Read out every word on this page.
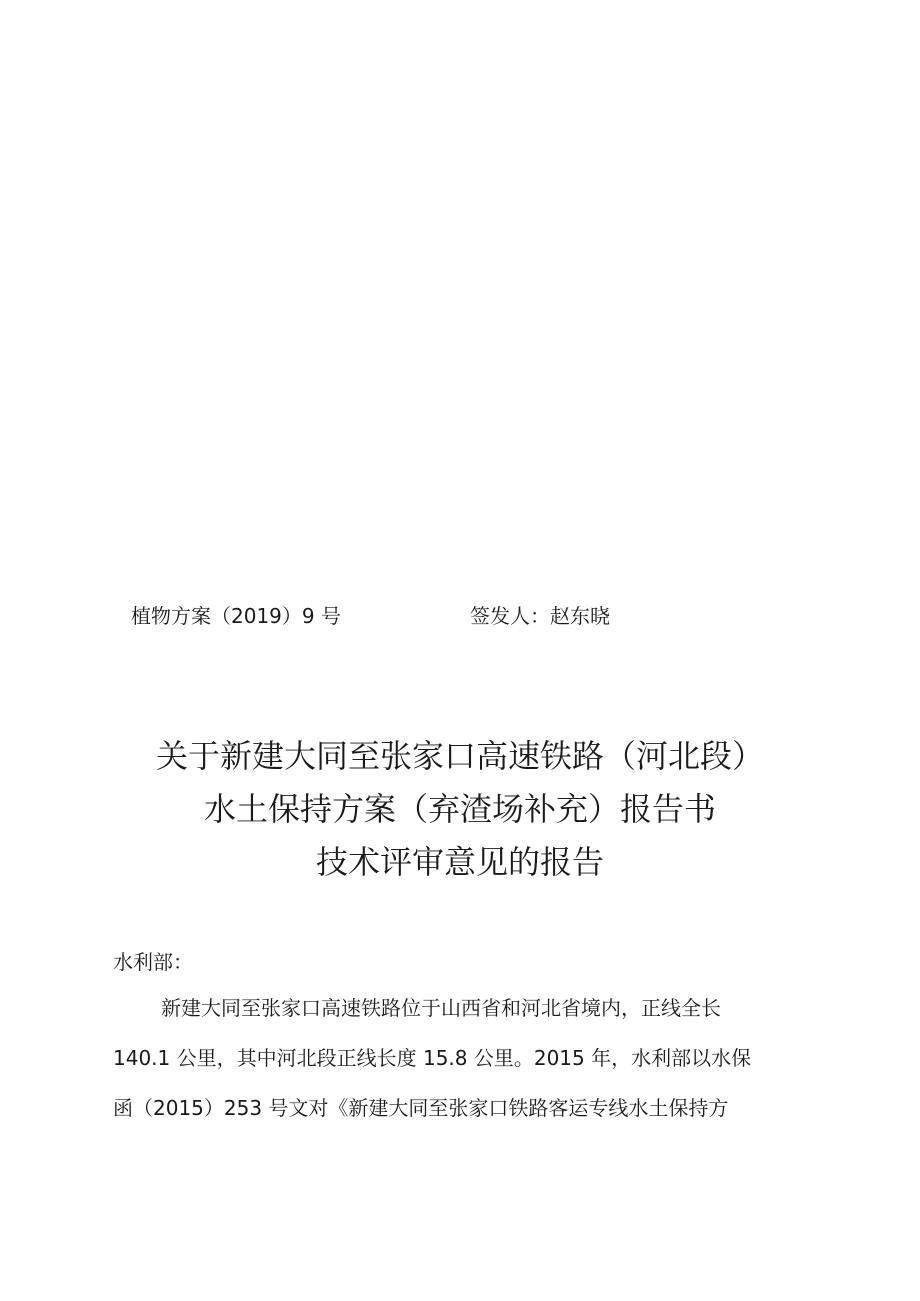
植物方案（2019）9 号	签发人：赵东晓
关于新建大同至张家口高速铁路（河北段）
水土保持方案（弃渣场补充）报告书
技术评审意见的报告
水利部：
新建大同至张家口高速铁路位于山西省和河北省境内，正线全长
140.1 公里，其中河北段正线长度 15.8 公里。2015 年，水利部以水保
函（2015）253 号文对《新建大同至张家口铁路客运专线水土保持方
